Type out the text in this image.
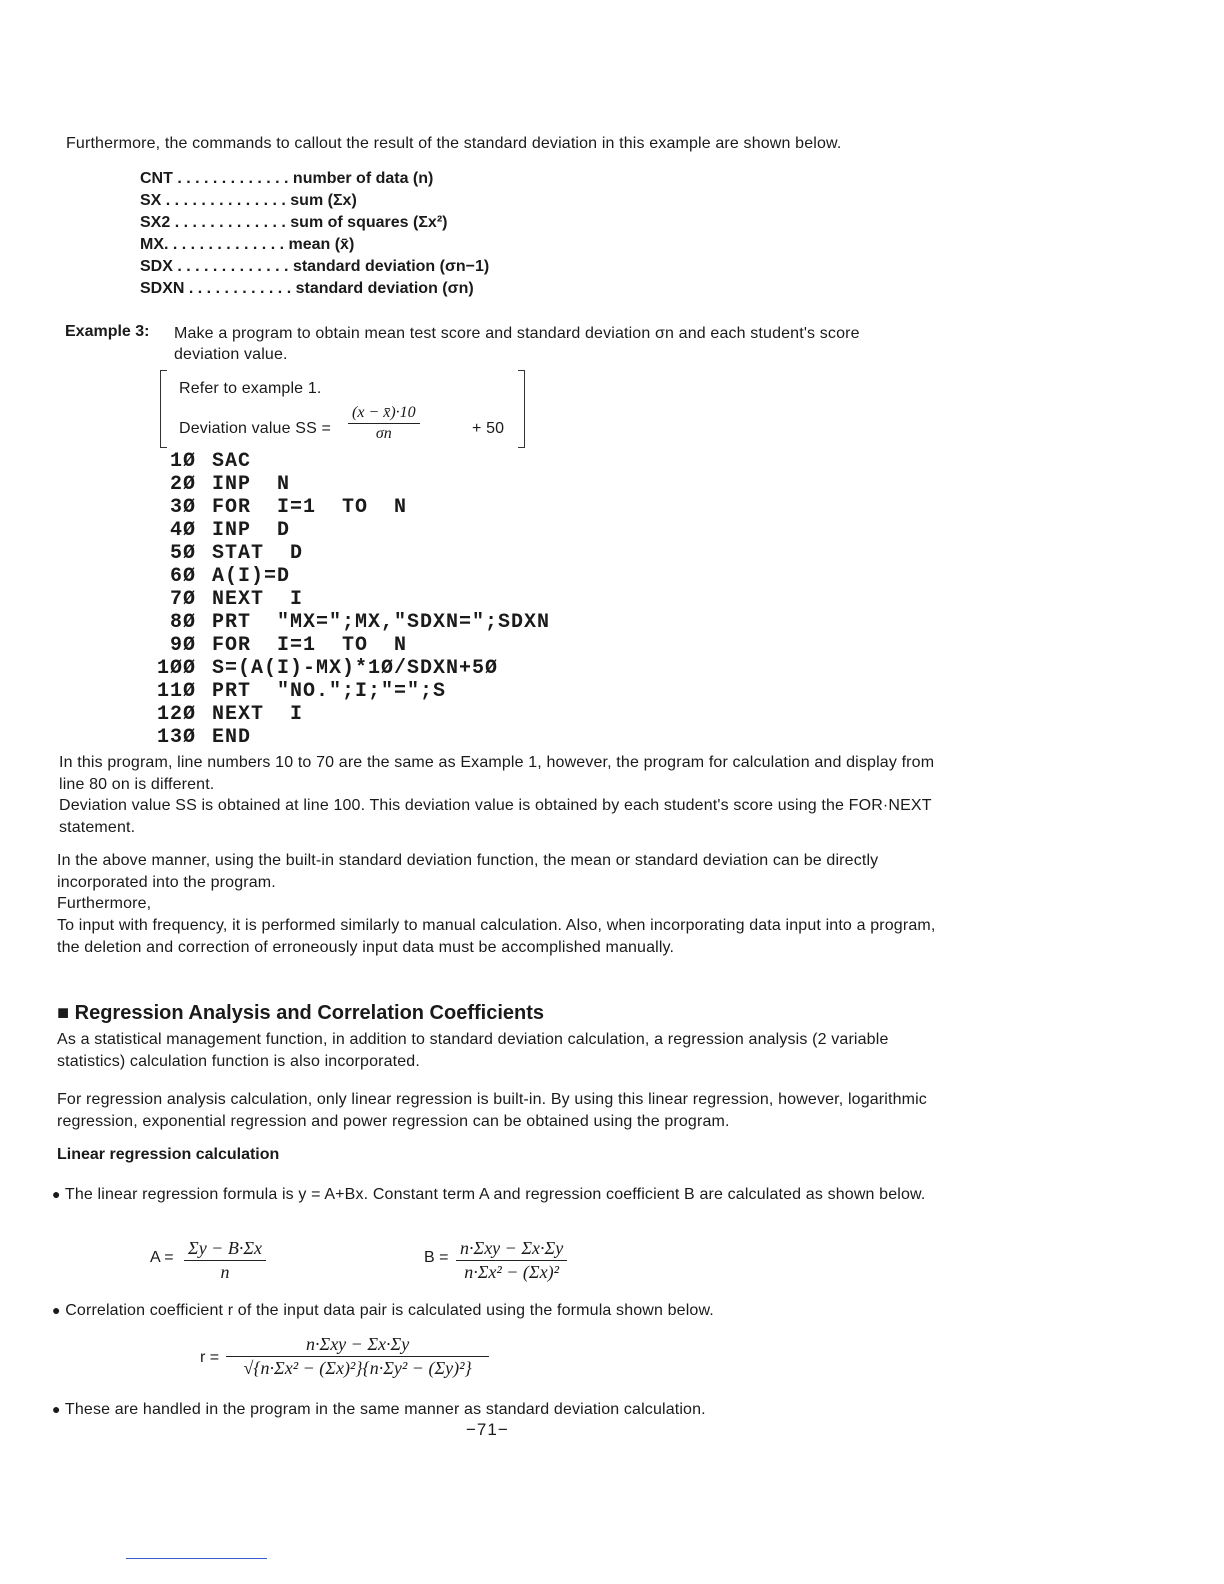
Furthermore, the commands to callout the result of the standard deviation in this example are shown below.
CNT . . . . . . . . . . . . . number of data (n)
SX . . . . . . . . . . . . . . sum (Σx)
SX2 . . . . . . . . . . . . . sum of squares (Σx²)
MX. . . . . . . . . . . . . . mean (x̄)
SDX . . . . . . . . . . . . . standard deviation (σn−1)
SDXN . . . . . . . . . . . . standard deviation (σn)
Example 3: Make a program to obtain mean test score and standard deviation σn and each student's score
deviation value.
Refer to example 1.
Deviation value SS = $\frac{(x - x̄)\cdot 10}{\sigma n}$	+ 50
1Ø SAC
2Ø INP  N
3Ø FOR  I=1  TO  N
4Ø INP  D
5Ø STAT  D
6Ø A(I)=D
7Ø NEXT  I
8Ø PRT  "MX=";MX,"SDXN=";SDXN
9Ø FOR  I=1  TO  N
1ØØ S=(A(I)-MX)*1Ø/SDXN+5Ø
11Ø PRT  "NO.";I;"=";S
12Ø NEXT  I
13Ø END
In this program, line numbers 10 to 70 are the same as Example 1, however, the program for calculation and display from line 80 on is different.
Deviation value SS is obtained at line 100. This deviation value is obtained by each student's score using the FOR·NEXT statement.
In the above manner, using the built-in standard deviation function, the mean or standard deviation can be directly incorporated into the program.
Furthermore,
To input with frequency, it is performed similarly to manual calculation. Also, when incorporating data input into a program, the deletion and correction of erroneously input data must be accomplished manually.
■ Regression Analysis and Correlation Coefficients
As a statistical management function, in addition to standard deviation calculation, a regression analysis (2 variable statistics) calculation function is also incorporated.
For regression analysis calculation, only linear regression is built-in. By using this linear regression, however, logarithmic regression, exponential regression and power regression can be obtained using the program.
Linear regression calculation
● The linear regression formula is y = A+Bx. Constant term A and regression coefficient B are calculated as shown below.
$A = \frac{\Sigma y - B\cdot\Sigma x}{n}$	$B = \frac{\text{n·Σxy − Σx·Σy}}{\text{n·Σx² − (Σx)²}}$
● Correlation coefficient r of the input data pair is calculated using the formula shown below.
$r = \frac{\text{n·Σxy − Σx·Σy}}{\text{√\{n·Σx² − (Σx)²\}\{n·Σy² − (Σy)²\}}}$
● These are handled in the program in the same manner as standard deviation calculation.
−71−
